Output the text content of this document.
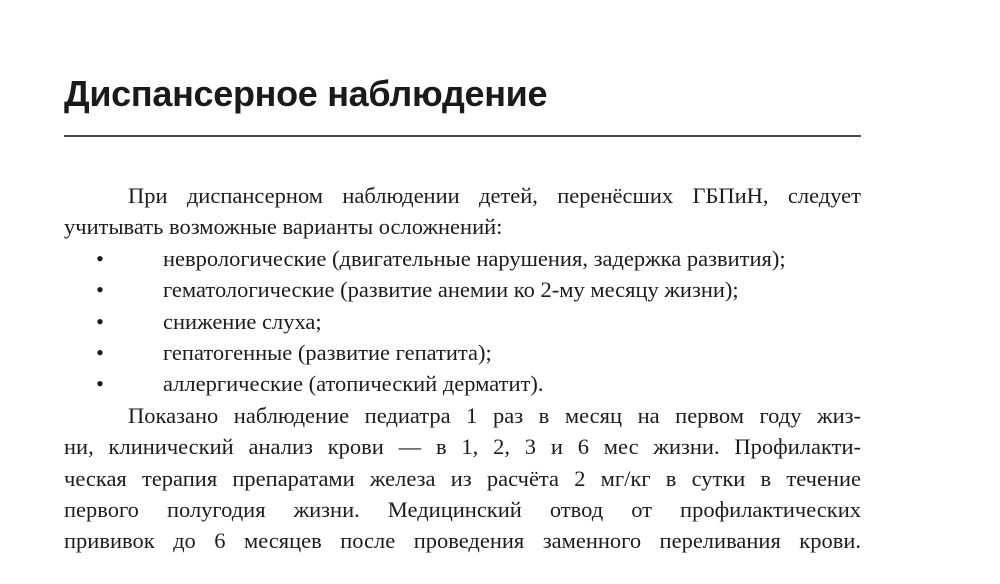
Диспансерное наблюдение
При диспансерном наблюдении детей, перенёсших ГБПиН, следует
учитывать возможные варианты осложнений:
•	неврологические (двигательные нарушения, задержка развития);
•	гематологические (развитие анемии ко 2-му месяцу жизни);
•	снижение слуха;
•	гепатогенные (развитие гепатита);
•	аллергические (атопический дерматит).
Показано наблюдение педиатра 1 раз в месяц на первом году жиз-
ни, клинический анализ крови — в 1, 2, 3 и 6 мес жизни. Профилакти-
ческая терапия препаратами железа из расчёта 2 мг/кг в сутки в течение
первого полугодия жизни. Медицинский отвод от профилактических
прививок до 6 месяцев после проведения заменного переливания крови.
